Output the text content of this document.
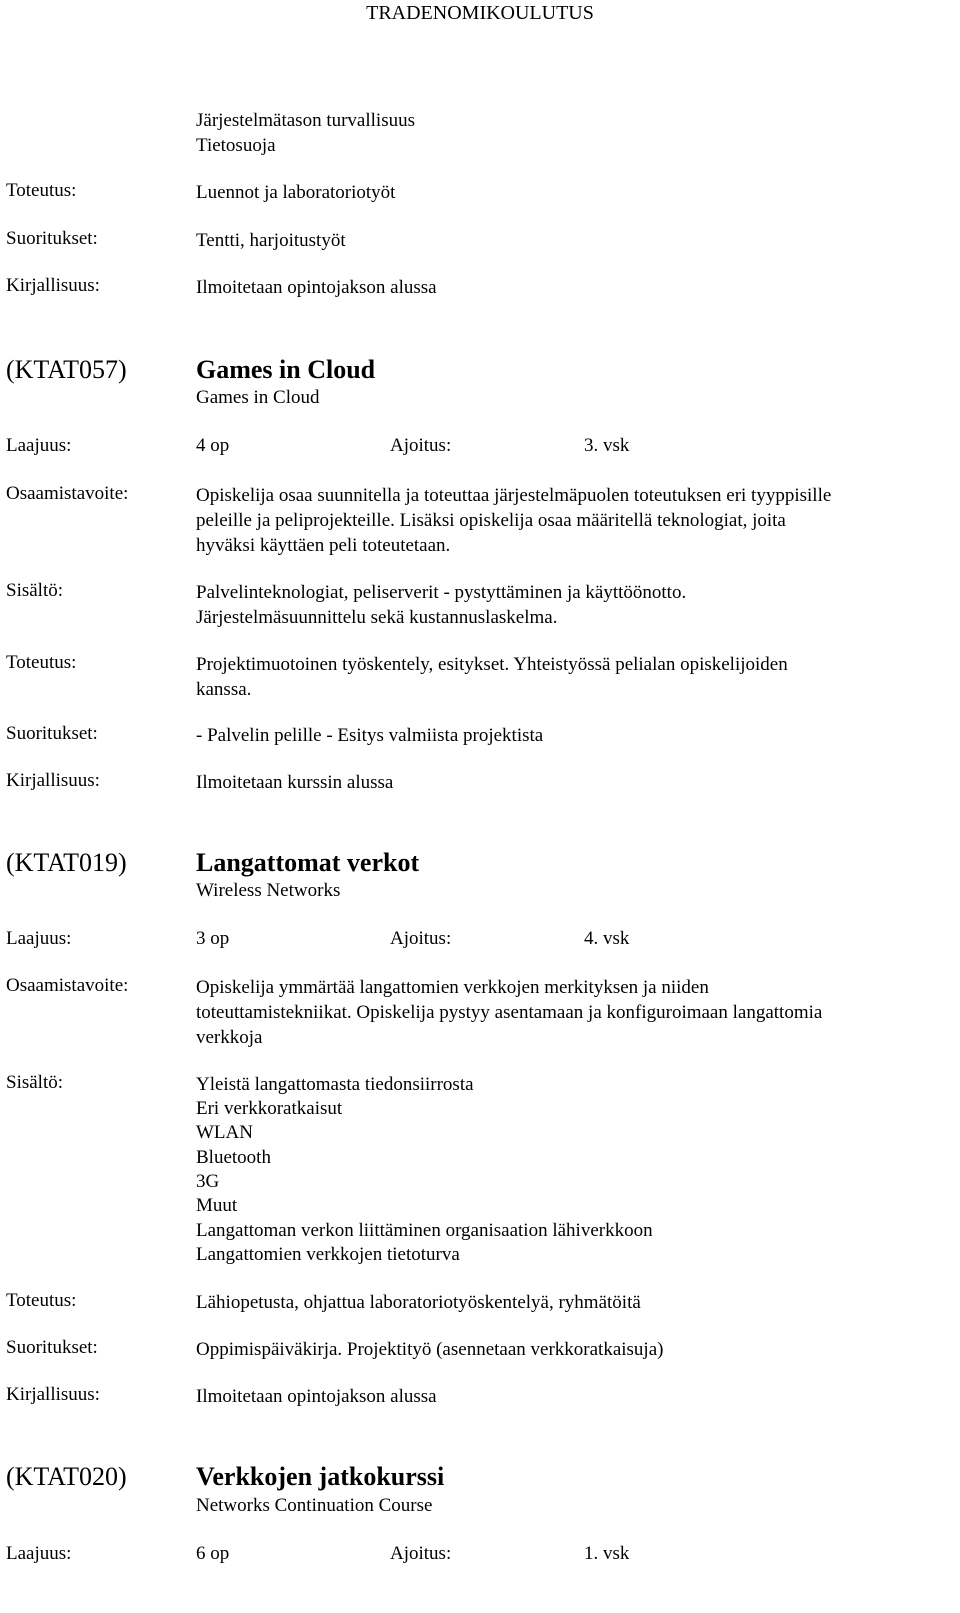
TRADENOMIKOULUTUS
Järjestelmätason turvallisuus
Tietosuoja
Toteutus:	Luennot ja laboratoriotyöt
Suoritukset:	Tentti, harjoitustyöt
Kirjallisuus:	Ilmoitetaan opintojakson alussa
(KTAT057)	Games in Cloud
Games in Cloud
Laajuus:	4 op	Ajoitus:	3. vsk
Osaamistavoite:	Opiskelija osaa suunnitella ja toteuttaa järjestelmäpuolen toteutuksen eri tyyppisille
peleille ja peliprojekteille. Lisäksi opiskelija osaa määritellä teknologiat, joita
hyväksi käyttäen peli toteutetaan.
Sisältö:	Palvelinteknologiat, peliserverit - pystyttäminen ja käyttöönotto.
Järjestelmäsuunnittelu sekä kustannuslaskelma.
Toteutus:	Projektimuotoinen työskentely, esitykset. Yhteistyössä pelialan opiskelijoiden
kanssa.
Suoritukset:	- Palvelin pelille - Esitys valmiista projektista
Kirjallisuus:	Ilmoitetaan kurssin alussa
(KTAT019)	Langattomat verkot
Wireless Networks
Laajuus:	3 op	Ajoitus:	4. vsk
Osaamistavoite:	Opiskelija ymmärtää langattomien verkkojen merkityksen ja niiden
toteuttamistekniikat. Opiskelija pystyy asentamaan ja konfiguroimaan langattomia
verkkoja
Sisältö:	Yleistä langattomasta tiedonsiirrosta
Eri verkkoratkaisut
WLAN
Bluetooth
3G
Muut
Langattoman verkon liittäminen organisaation lähiverkkoon
Langattomien verkkojen tietoturva
Toteutus:	Lähiopetusta, ohjattua laboratoriotyöskentelyä, ryhmätöitä
Suoritukset:	Oppimispäiväkirja. Projektityö (asennetaan verkkoratkaisuja)
Kirjallisuus:	Ilmoitetaan opintojakson alussa
(KTAT020)	Verkkojen jatkokurssi
Networks Continuation Course
Laajuus:	6 op	Ajoitus:	1. vsk
